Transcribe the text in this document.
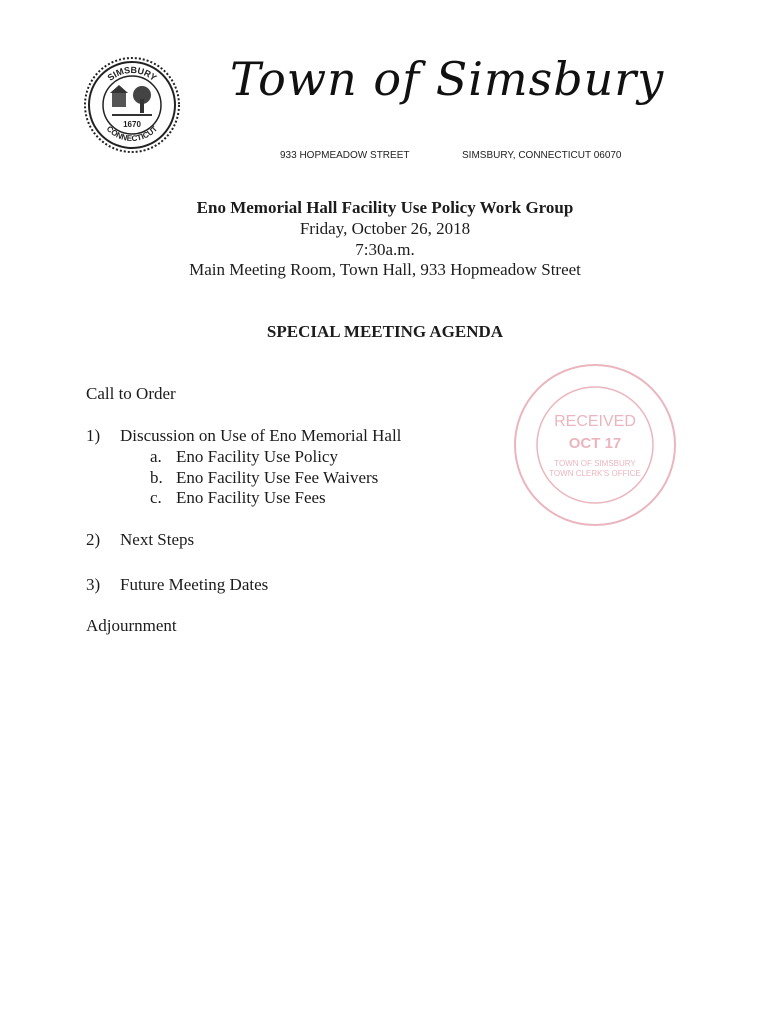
SIMSBURY
CONNECTICUT
1670
Town of Simsbury
933 HOPMEADOW STREET	SIMSBURY, CONNECTICUT 06070
Eno Memorial Hall Facility Use Policy Work Group
Friday, October 26, 2018
7:30a.m.
Main Meeting Room, Town Hall, 933 Hopmeadow Street
SPECIAL MEETING AGENDA
Call to Order
1) Discussion on Use of Eno Memorial Hall
a. Eno Facility Use Policy
b. Eno Facility Use Fee Waivers
c. Eno Facility Use Fees
2) Next Steps
3) Future Meeting Dates
Adjournment
RECEIVED
OCT 17
TOWN OF SIMSBURY
TOWN CLERK'S OFFICE
